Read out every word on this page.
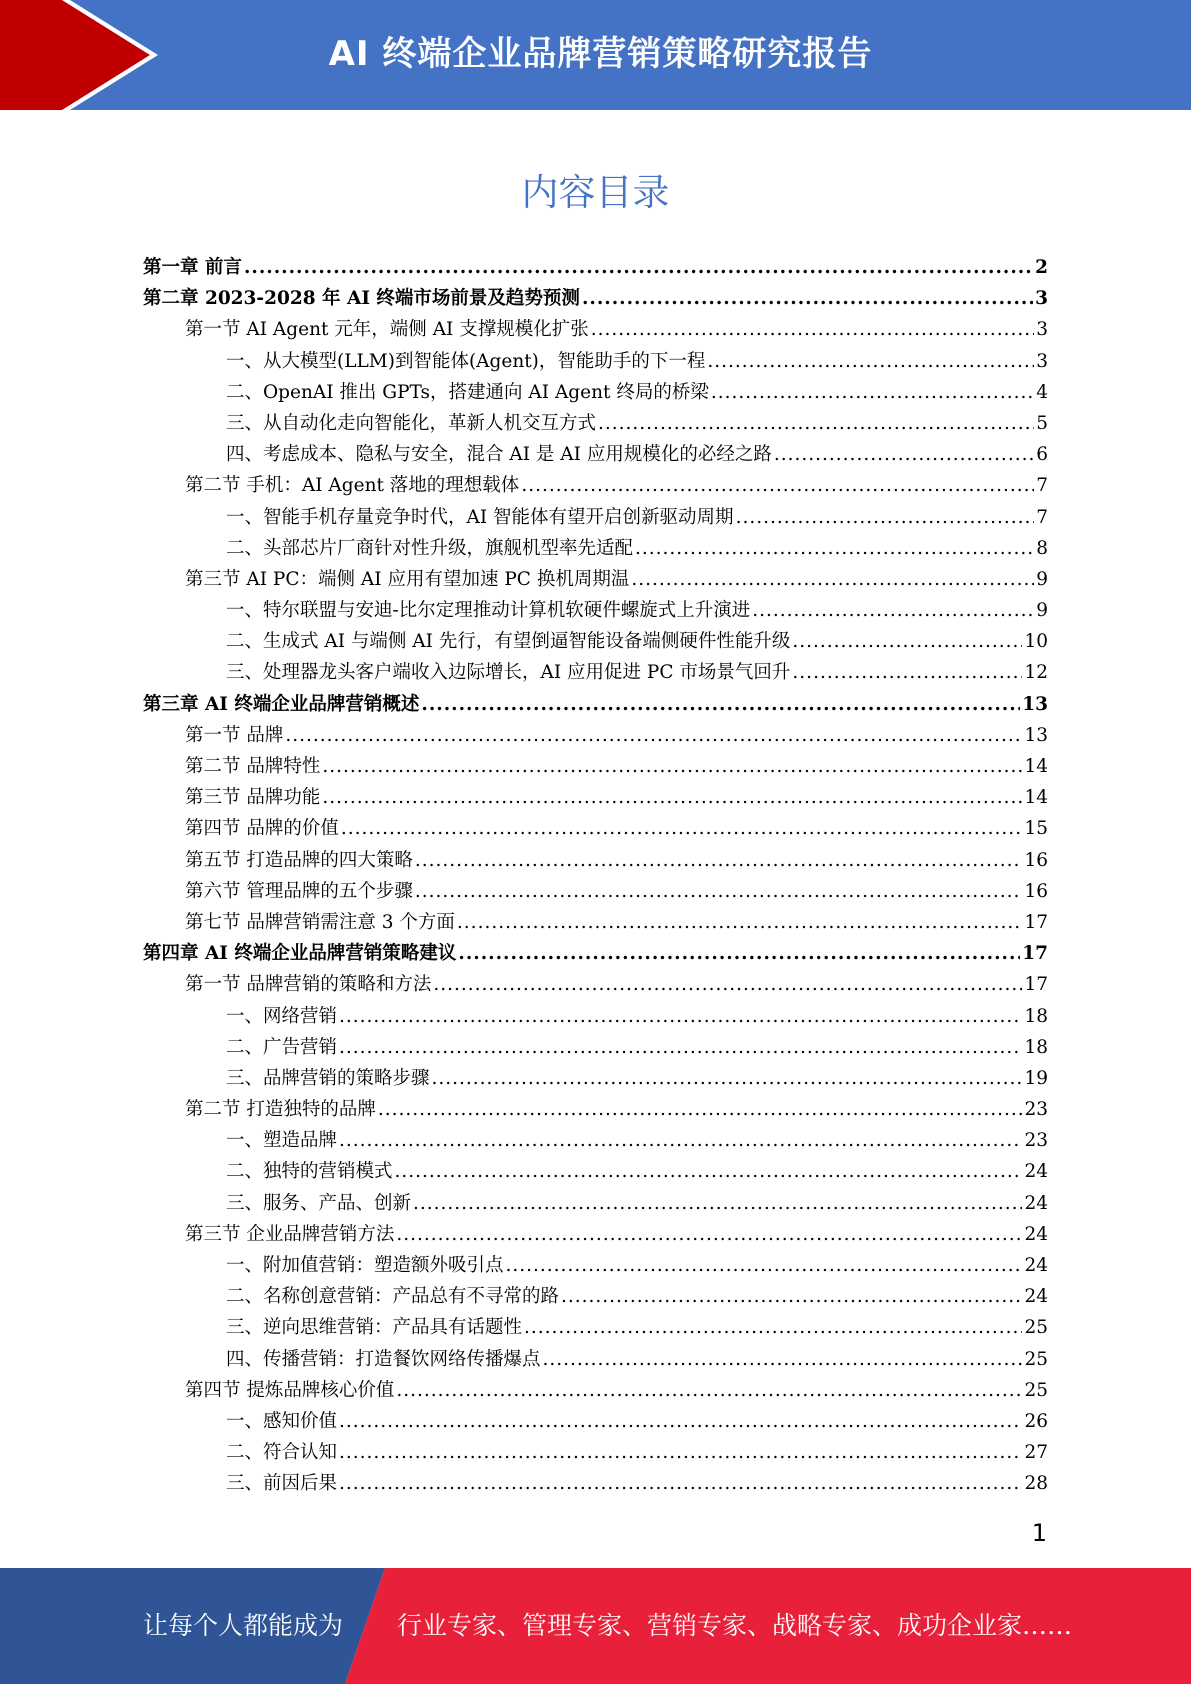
AI 终端企业品牌营销策略研究报告
内容目录
第一章 前言 .....	2
第二章 2023-2028 年 AI 终端市场前景及趋势预测 .....	3
第一节 AI Agent 元年，端侧 AI 支撑规模化扩张 .....	3
一、从大模型(LLM)到智能体(Agent)，智能助手的下一程 .....	3
二、OpenAI 推出 GPTs，搭建通向 AI Agent 终局的桥梁 .....	4
三、从自动化走向智能化，革新人机交互方式 .....	5
四、考虑成本、隐私与安全，混合 AI 是 AI 应用规模化的必经之路 .....	6
第二节 手机：AI Agent 落地的理想载体 .....	7
一、智能手机存量竞争时代，AI 智能体有望开启创新驱动周期 .....	7
二、头部芯片厂商针对性升级，旗舰机型率先适配 .....	8
第三节 AI PC：端侧 AI 应用有望加速 PC 换机周期温 .....	9
一、特尔联盟与安迪-比尔定理推动计算机软硬件螺旋式上升演进 .....	9
二、生成式 AI 与端侧 AI 先行，有望倒逼智能设备端侧硬件性能升级 .....	10
三、处理器龙头客户端收入边际增长，AI 应用促进 PC 市场景气回升 .....	12
第三章 AI 终端企业品牌营销概述 .....	13
第一节 品牌 .....	13
第二节 品牌特性 .....	14
第三节 品牌功能 .....	14
第四节 品牌的价值 .....	15
第五节 打造品牌的四大策略 .....	16
第六节 管理品牌的五个步骤 .....	16
第七节 品牌营销需注意 3 个方面 .....	17
第四章 AI 终端企业品牌营销策略建议 .....	17
第一节 品牌营销的策略和方法 .....	17
一、网络营销 .....	18
二、广告营销 .....	18
三、品牌营销的策略步骤 .....	19
第二节 打造独特的品牌 .....	23
一、塑造品牌 .....	23
二、独特的营销模式 .....	24
三、服务、产品、创新 .....	24
第三节 企业品牌营销方法 .....	24
一、附加值营销：塑造额外吸引点 .....	24
二、名称创意营销：产品总有不寻常的路 .....	24
三、逆向思维营销：产品具有话题性 .....	25
四、传播营销：打造餐饮网络传播爆点 .....	25
第四节 提炼品牌核心价值 .....	25
一、感知价值 .....	26
二、符合认知 .....	27
三、前因后果 .....	28
1
让每个人都能成为 行业专家、管理专家、营销专家、战略专家、成功企业家……
